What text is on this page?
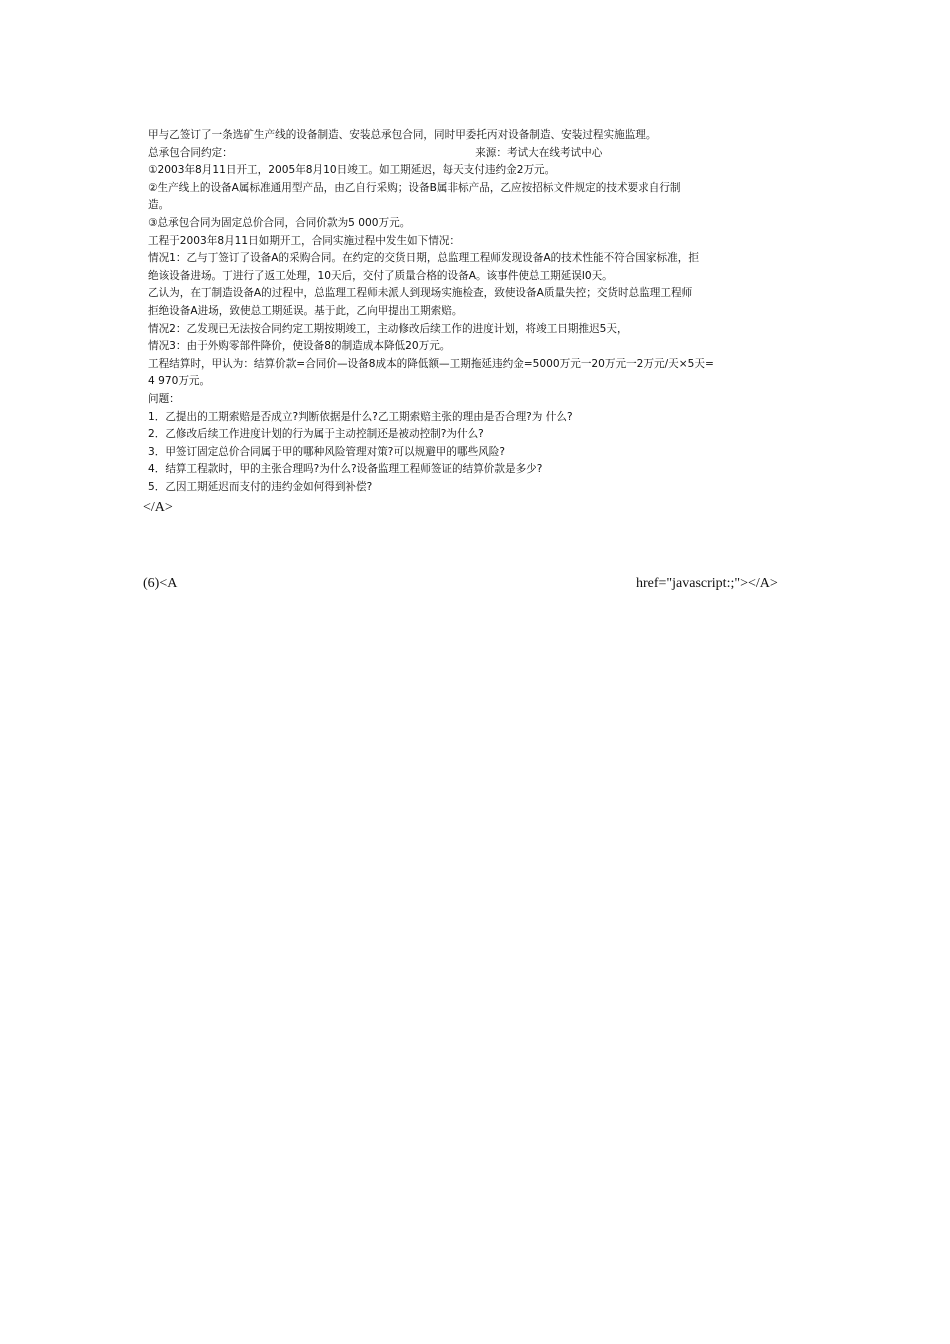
甲与乙签订了一条选矿生产线的设备制造、安装总承包合同，同时甲委托丙对设备制造、安装过程实施监理。
总承包合同约定：                                                                        来源：考试大在线考试中心
①2003年8月11日开工，2005年8月10日竣工。如工期延迟，每天支付违约金2万元。
②生产线上的设备A属标准通用型产品，由乙自行采购；设备B属非标产品，乙应按招标文件规定的技术要求自行制
造。
③总承包合同为固定总价合同，合同价款为5 000万元。
工程于2003年8月11日如期开工，合同实施过程中发生如下情况：
情况1：乙与丁签订了设备A的采购合同。在约定的交货日期，总监理工程师发现设备A的技术性能不符合国家标准，拒
绝该设备进场。丁进行了返工处理，10天后，交付了质量合格的设备A。该事件使总工期延误l0天。
乙认为，在丁制造设备A的过程中，总监理工程师未派人到现场实施检查，致使设备A质量失控；交货时总监理工程师
拒绝设备A进场，致使总工期延误。基于此，乙向甲提出工期索赔。
情况2：乙发现已无法按合同约定工期按期竣工，主动修改后续工作的进度计划，将竣工日期推迟5天，
情况3：由于外购零部件降价，使设备8的制造成本降低20万元。
工程结算时，甲认为：结算价款=合同价—设备8成本的降低额—工期拖延违约金=5000万元一20万元一2万元/天×5天=
4 970万元。
问题：
1．乙提出的工期索赔是否成立?判断依据是什么?乙工期索赔主张的理由是否合理?为 什么?
2．乙修改后续工作进度计划的行为属于主动控制还是被动控制?为什么?
3．甲签订固定总价合同属于甲的哪种风险管理对策?可以规避甲的哪些风险?
4．结算工程款时，甲的主张合理吗?为什么?设备监理工程师签证的结算价款是多少?
5．乙因工期延迟而支付的违约金如何得到补偿?
</A>
(6)<A	href="javascript:;"></A>
